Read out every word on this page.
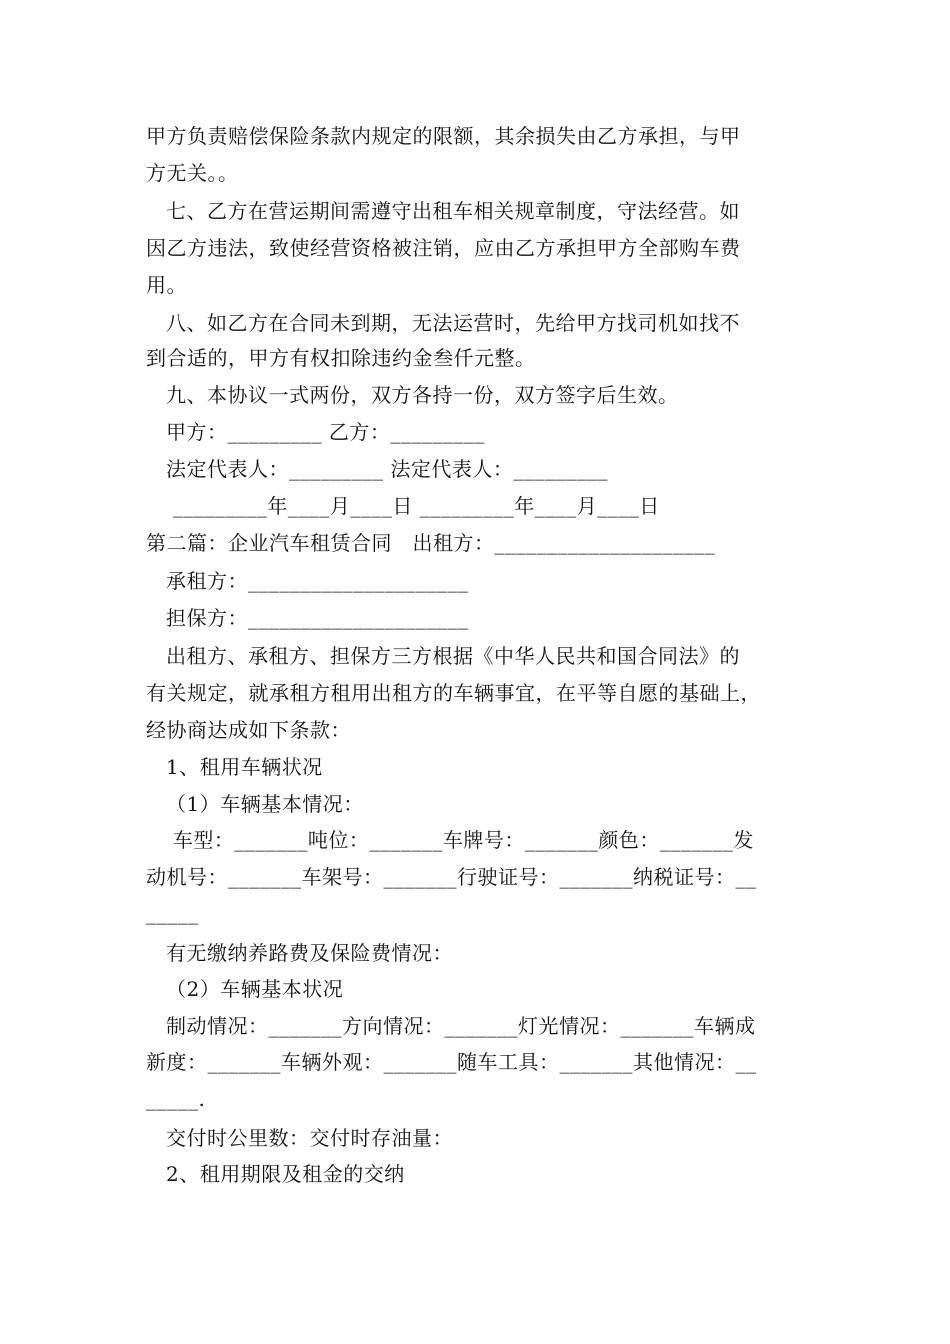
甲方负责赔偿保险条款内规定的限额，其余损失由乙方承担，与甲
方无关。。
七、乙方在营运期间需遵守出租车相关规章制度，守法经营。如
因乙方违法，致使经营资格被注销，应由乙方承担甲方全部购车费
用。
八、如乙方在合同未到期，无法运营时，先给甲方找司机如找不
到合适的，甲方有权扣除违约金叁仟元整。
九、本协议一式两份，双方各持一份，双方签字后生效。
甲方：_________ 乙方：_________
法定代表人：_________ 法定代表人：_________
_________年____月____日 _________年____月____日
第二篇：企业汽车租赁合同　出租方：_____________________
承租方：_____________________
担保方：_____________________
出租方、承租方、担保方三方根据《中华人民共和国合同法》的
有关规定，就承租方租用出租方的车辆事宜，在平等自愿的基础上，
经协商达成如下条款：
1、租用车辆状况
（1）车辆基本情况：
车型：_______吨位：_______车牌号：_______颜色：_______发
动机号：_______车架号：_______行驶证号：_______纳税证号：__
_____
有无缴纳养路费及保险费情况：
（2）车辆基本状况
制动情况：_______方向情况：_______灯光情况：_______车辆成
新度：_______车辆外观：_______随车工具：_______其他情况：__
_____.
交付时公里数：交付时存油量：
2、租用期限及租金的交纳
